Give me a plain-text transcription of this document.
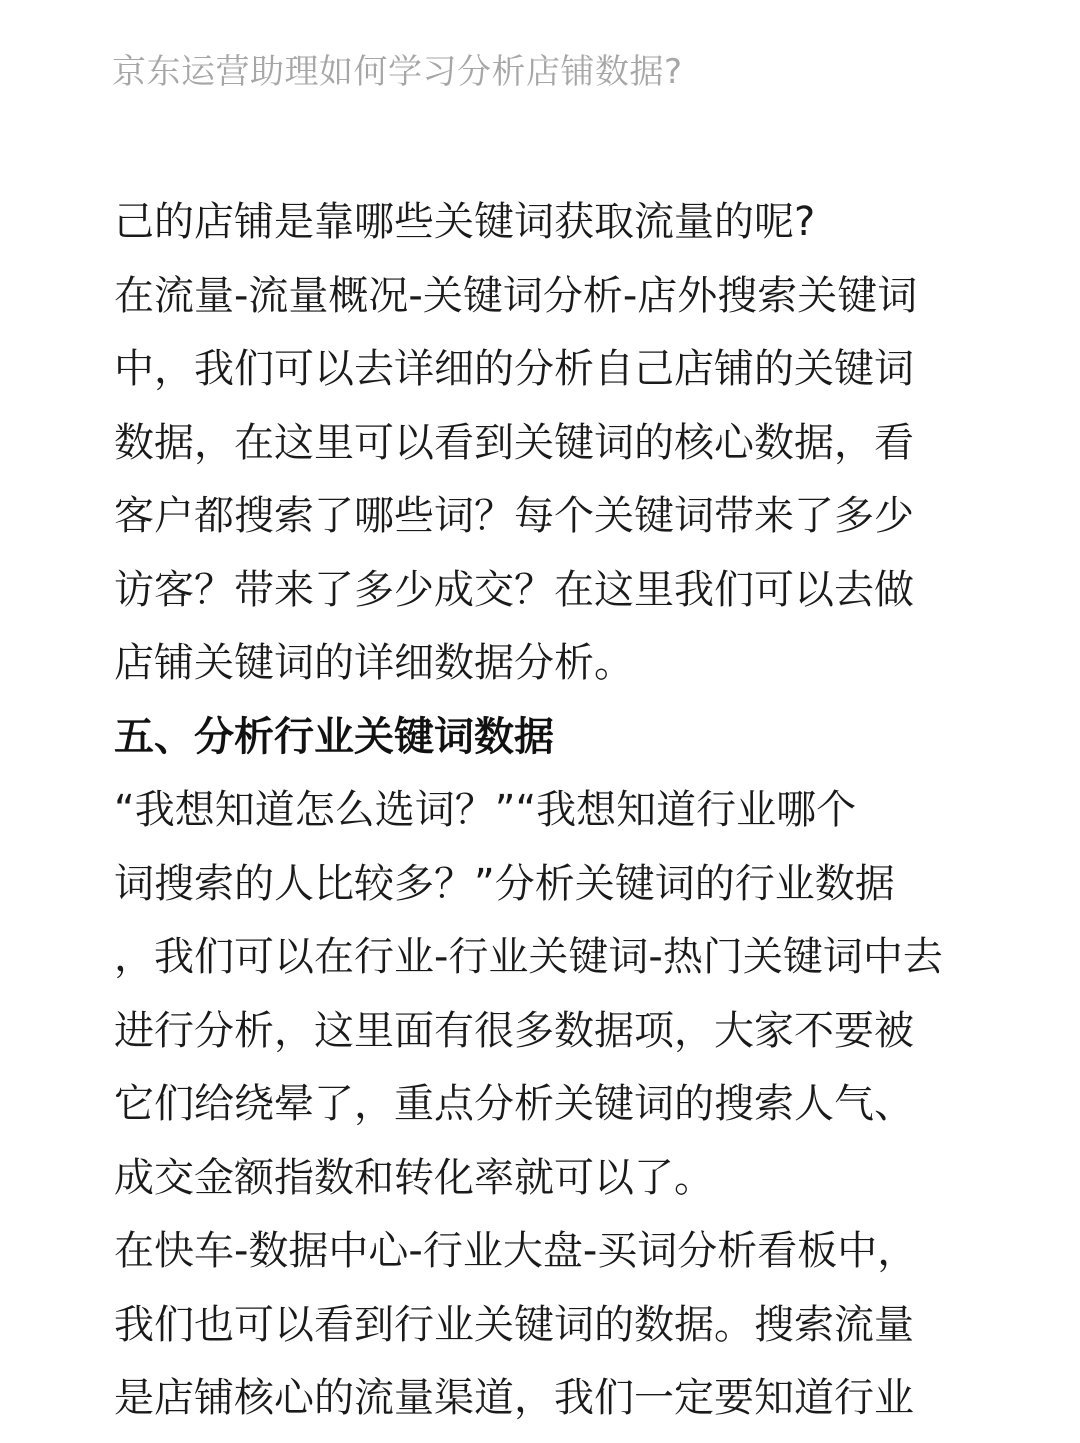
京东运营助理如何学习分析店铺数据?
己的店铺是靠哪些关键词获取流量的呢?
在流量-流量概况-关键词分析-店外搜索关键词
中，我们可以去详细的分析自己店铺的关键词
数据，在这里可以看到关键词的核心数据，看
客户都搜索了哪些词？每个关键词带来了多少
访客？带来了多少成交？在这里我们可以去做
店铺关键词的详细数据分析。
五、分析行业关键词数据
“我想知道怎么选词？”“我想知道行业哪个
词搜索的人比较多？”分析关键词的行业数据
，我们可以在行业-行业关键词-热门关键词中去
进行分析，这里面有很多数据项，大家不要被
它们给绕晕了，重点分析关键词的搜索人气、
成交金额指数和转化率就可以了。
在快车-数据中心-行业大盘-买词分析看板中，
我们也可以看到行业关键词的数据。搜索流量
是店铺核心的流量渠道，我们一定要知道行业
